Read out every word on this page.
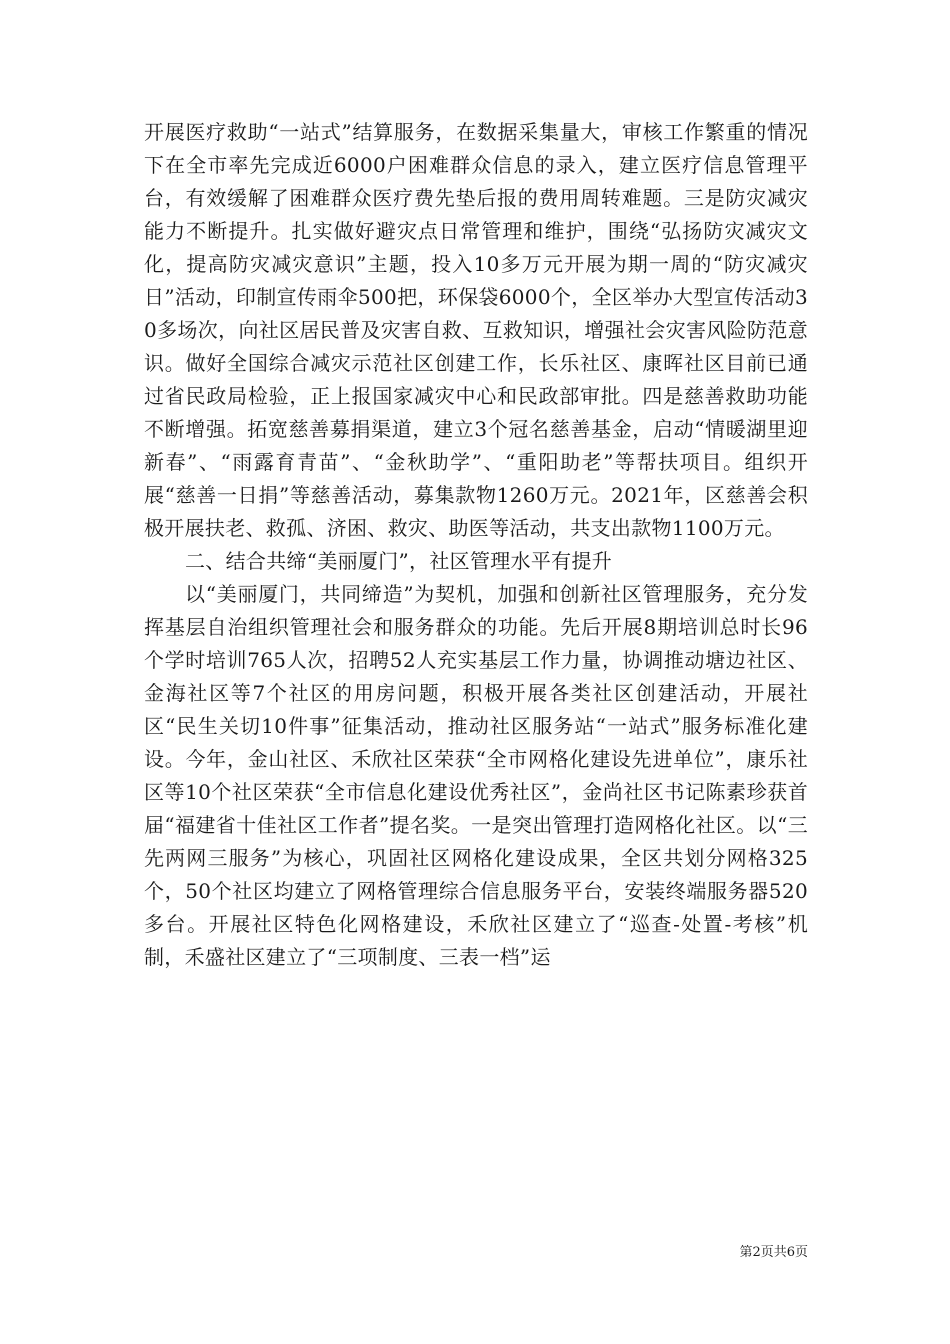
开展医疗救助“一站式”结算服务，在数据采集量大，审核工作繁重的情况下在全市率先完成近6000户困难群众信息的录入，建立医疗信息管理平台，有效缓解了困难群众医疗费先垫后报的费用周转难题。三是防灾减灾能力不断提升。扎实做好避灾点日常管理和维护，围绕“弘扬防灾减灾文化，提高防灾减灾意识”主题，投入10多万元开展为期一周的“防灾减灾日”活动，印制宣传雨伞500把，环保袋6000个，全区举办大型宣传活动30多场次，向社区居民普及灾害自救、互救知识，增强社会灾害风险防范意识。做好全国综合减灾示范社区创建工作，长乐社区、康晖社区目前已通过省民政局检验，正上报国家减灾中心和民政部审批。四是慈善救助功能不断增强。拓宽慈善募捐渠道，建立3个冠名慈善基金，启动“情暖湖里迎新春”、“雨露育青苗”、“金秋助学”、“重阳助老”等帮扶项目。组织开展“慈善一日捐”等慈善活动，募集款物1260万元。2021年，区慈善会积极开展扶老、救孤、济困、救灾、助医等活动，共支出款物1100万元。

二、结合共缔“美丽厦门”，社区管理水平有提升

以“美丽厦门，共同缔造”为契机，加强和创新社区管理服务，充分发挥基层自治组织管理社会和服务群众的功能。先后开展8期培训总时长96个学时培训765人次，招聘52人充实基层工作力量，协调推动塘边社区、金海社区等7个社区的用房问题，积极开展各类社区创建活动，开展社区“民生关切10件事”征集活动，推动社区服务站“一站式”服务标准化建设。今年，金山社区、禾欣社区荣获“全市网格化建设先进单位”，康乐社区等10个社区荣获“全市信息化建设优秀社区”，金尚社区书记陈素珍获首届“福建省十佳社区工作者”提名奖。一是突出管理打造网格化社区。以“三先两网三服务”为核心，巩固社区网格化建设成果，全区共划分网格325个，50个社区均建立了网格管理综合信息服务平台，安装终端服务器520多台。开展社区特色化网格建设，禾欣社区建立了“巡查-处置-考核”机制，禾盛社区建立了“三项制度、三表一档”运

第2页共6页
